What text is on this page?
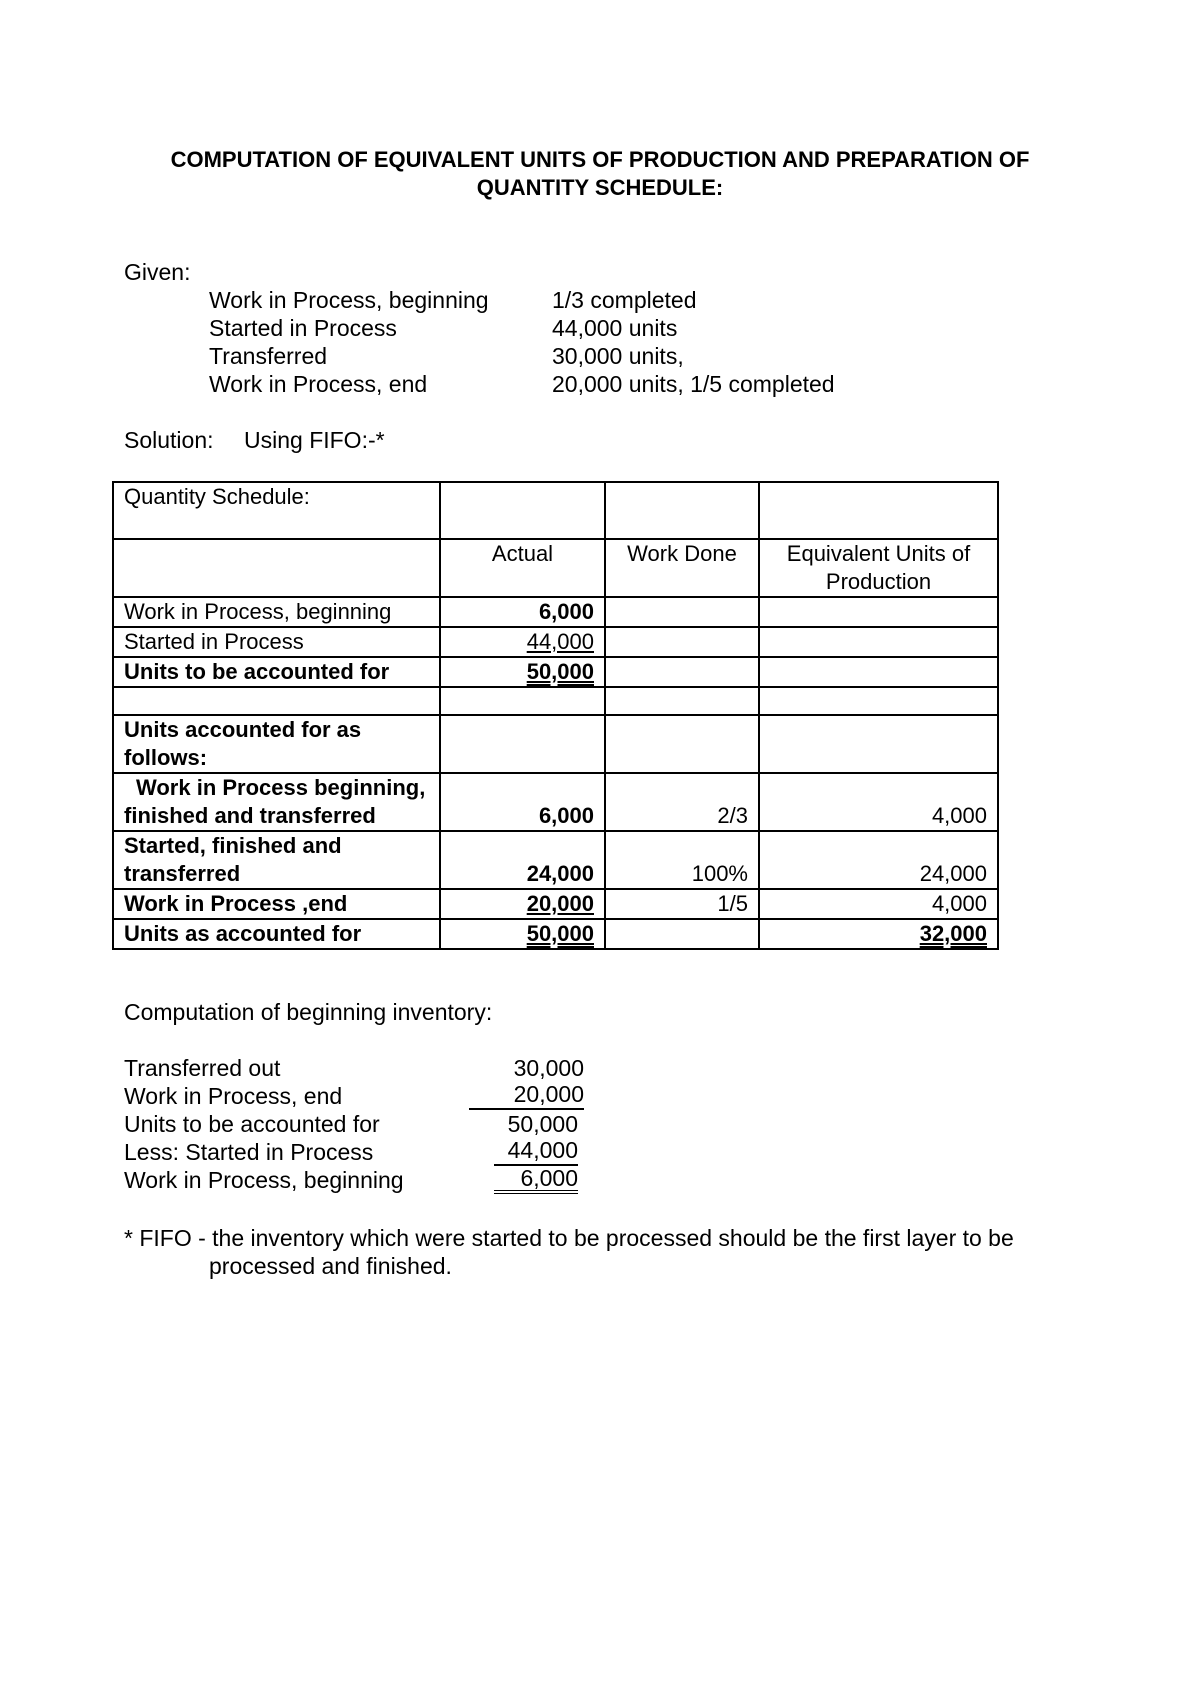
COMPUTATION OF EQUIVALENT UNITS OF PRODUCTION AND PREPARATION OF
QUANTITY SCHEDULE:
Given:
Work in Process, beginning	1/3 completed
Started in Process	44,000 units
Transferred	30,000 units,
Work in Process, end	20,000 units, 1/5 completed
Solution:	Using FIFO:-*
Quantity Schedule:			
	Actual	Work Done	Equivalent Units of Production
Work in Process, beginning	6,000		
Started in Process	44,000		
Units to be accounted for	50,000		

Units accounted for as follows:			
Work in Process beginning, finished and transferred	6,000	2/3	4,000
Started, finished and transferred	24,000	100%	24,000
Work in Process ,end	20,000	1/5	4,000
Units as accounted for	50,000		32,000
Computation of beginning inventory:
Transferred out	30,000
Work in Process, end	20,000
Units to be accounted for	50,000
Less: Started in Process	44,000
Work in Process, beginning	6,000
* FIFO - the inventory which were started to be processed should be the first layer to be
processed and finished.
